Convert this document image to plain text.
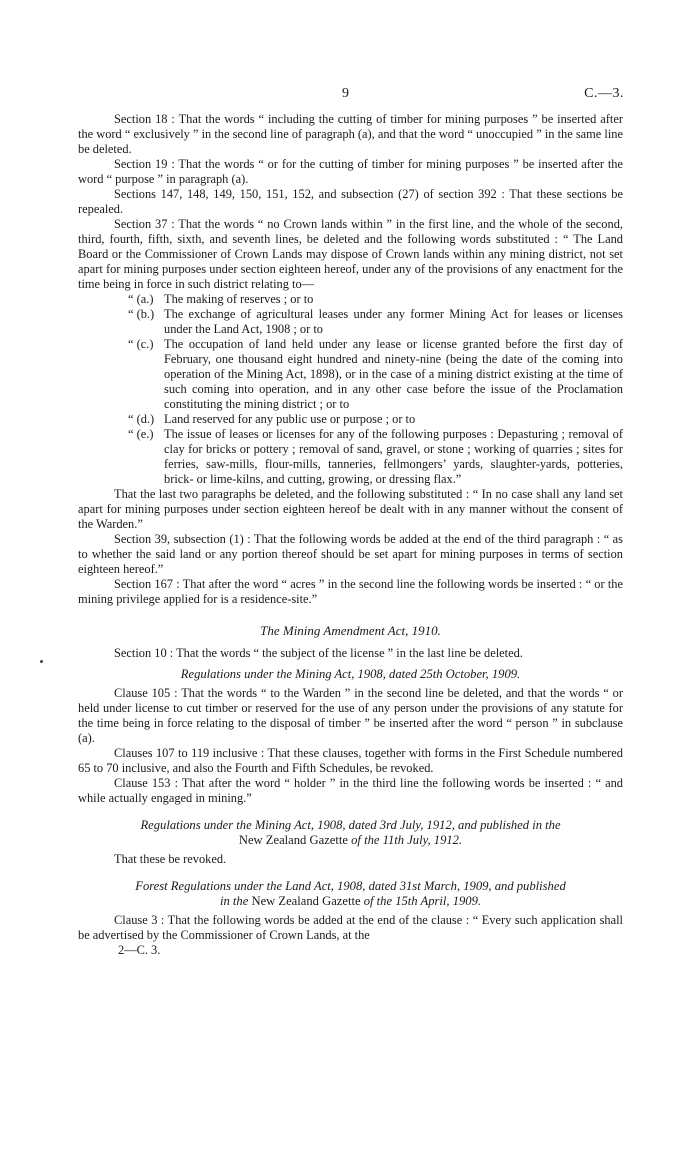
9	C.—3.

Section 18 : That the words “ including the cutting of timber for mining purposes ” be inserted after the word “ exclusively ” in the second line of paragraph (a), and that the word “ unoccupied ” in the same line be deleted.

Section 19 : That the words “ or for the cutting of timber for mining purposes ” be inserted after the word “ purpose ” in paragraph (a).

Sections 147, 148, 149, 150, 151, 152, and subsection (27) of section 392 : That these sections be repealed.

Section 37 : That the words “ no Crown lands within ” in the first line, and the whole of the second, third, fourth, fifth, sixth, and seventh lines, be deleted and the following words substituted : “ The Land Board or the Commissioner of Crown Lands may dispose of Crown lands within any mining district, not set apart for mining purposes under section eighteen hereof, under any of the provisions of any enactment for the time being in force in such district relating to—

“ (a.) The making of reserves ; or to
“ (b.) The exchange of agricultural leases under any former Mining Act for leases or licenses under the Land Act, 1908 ; or to
“ (c.) The occupation of land held under any lease or license granted before the first day of February, one thousand eight hundred and ninety-nine (being the date of the coming into operation of the Mining Act, 1898), or in the case of a mining district existing at the time of such coming into operation, and in any other case before the issue of the Proclamation constituting the mining district ; or to
“ (d.) Land reserved for any public use or purpose ; or to
“ (e.) The issue of leases or licenses for any of the following purposes : Depasturing ; removal of clay for bricks or pottery ; removal of sand, gravel, or stone ; working of quarries ; sites for ferries, saw-mills, flour-mills, tanneries, fellmongers’ yards, slaughter-yards, potteries, brick- or lime-kilns, and cutting, growing, or dressing flax.”

That the last two paragraphs be deleted, and the following substituted : “ In no case shall any land set apart for mining purposes under section eighteen hereof be dealt with in any manner without the consent of the Warden.”

Section 39, subsection (1) : That the following words be added at the end of the third paragraph : “ as to whether the said land or any portion thereof should be set apart for mining purposes in terms of section eighteen hereof.”

Section 167 : That after the word “ acres ” in the second line the following words be inserted : “ or the mining privilege applied for is a residence-site.”

The Mining Amendment Act, 1910.

Section 10 : That the words “ the subject of the license ” in the last line be deleted.

Regulations under the Mining Act, 1908, dated 25th October, 1909.

Clause 105 : That the words “ to the Warden ” in the second line be deleted, and that the words “ or held under license to cut timber or reserved for the use of any person under the provisions of any statute for the time being in force relating to the disposal of timber ” be inserted after the word “ person ” in subclause (a).

Clauses 107 to 119 inclusive : That these clauses, together with forms in the First Schedule numbered 65 to 70 inclusive, and also the Fourth and Fifth Schedules, be revoked.

Clause 153 : That after the word “ holder ” in the third line the following words be inserted : “ and while actually engaged in mining.”

Regulations under the Mining Act, 1908, dated 3rd July, 1912, and published in the
New Zealand Gazette of the 11th July, 1912.

That these be revoked.

Forest Regulations under the Land Act, 1908, dated 31st March, 1909, and published
in the New Zealand Gazette of the 15th April, 1909.

Clause 3 : That the following words be added at the end of the clause : “ Every such application shall be advertised by the Commissioner of Crown Lands, at the

2—C. 3.
